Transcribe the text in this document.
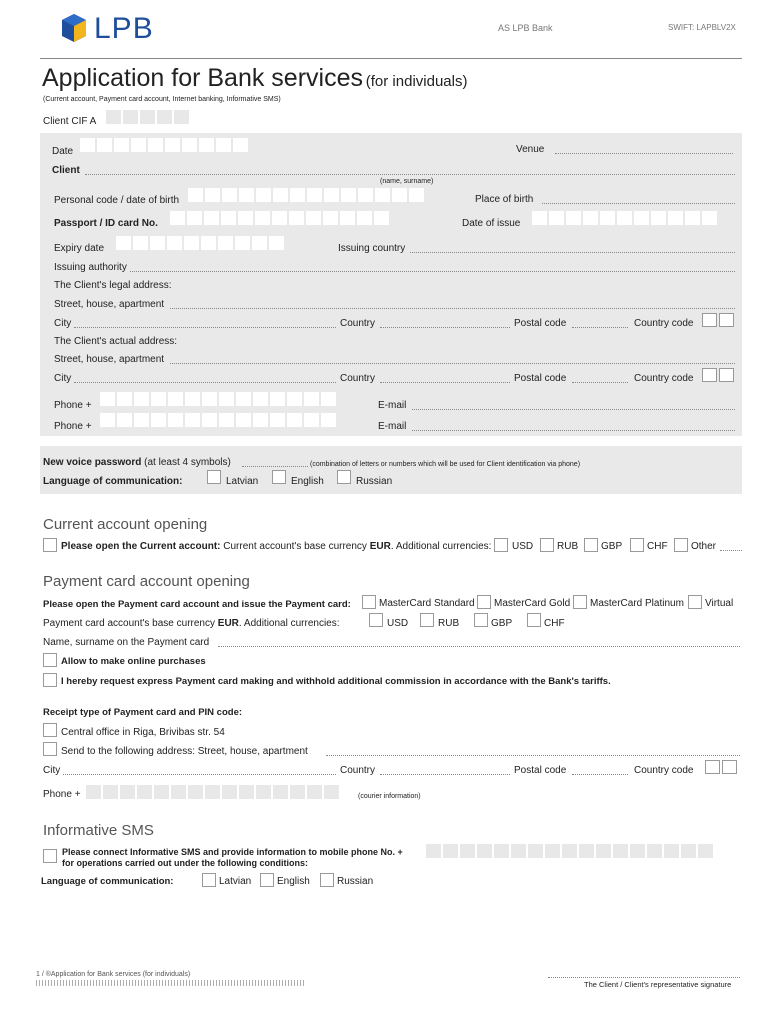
LPB	AS LPB Bank	SWIFT: LAPBLV2X
Application for Bank services (for individuals)
(Current account, Payment card account, Internet banking, Informative SMS)
Client CIF A
Date	Venue
Client
(name, surname)
Personal code / date of birth	Place of birth
Passport / ID card No.	Date of issue
Expiry date	Issuing country
Issuing authority
The Client's legal address:
Street, house, apartment
City	Country	Postal code	Country code
The Client's actual address:
Street, house, apartment
City	Country	Postal code	Country code
Phone +	E-mail
Phone +	E-mail
New voice password (at least 4 symbols)	(combination of letters or numbers which will be used for Client identification via phone)
Language of communication:	Latvian	English	Russian
Current account opening
Please open the Current account: Current account's base currency EUR. Additional currencies: USD RUB GBP CHF Other
Payment card account opening
Please open the Payment card account and issue the Payment card:	MasterCard Standard MasterCard Gold MasterCard Platinum Virtual
Payment card account's base currency EUR. Additional currencies:	USD	RUB	GBP	CHF
Name, surname on the Payment card
Allow to make online purchases
I hereby request express Payment card making and withhold additional commission in accordance with the Bank's tariffs.
Receipt type of Payment card and PIN code:
Central office in Riga, Brivibas str. 54
Send to the following address: Street, house, apartment
City	Country	Postal code	Country code
Phone +	(courier information)
Informative SMS
Please connect Informative SMS and provide information to mobile phone No. +
for operations carried out under the following conditions:
Language of communication:	Latvian	English	Russian
1 / ®Application for Bank services (for individuals)
The Client / Client's representative signature
